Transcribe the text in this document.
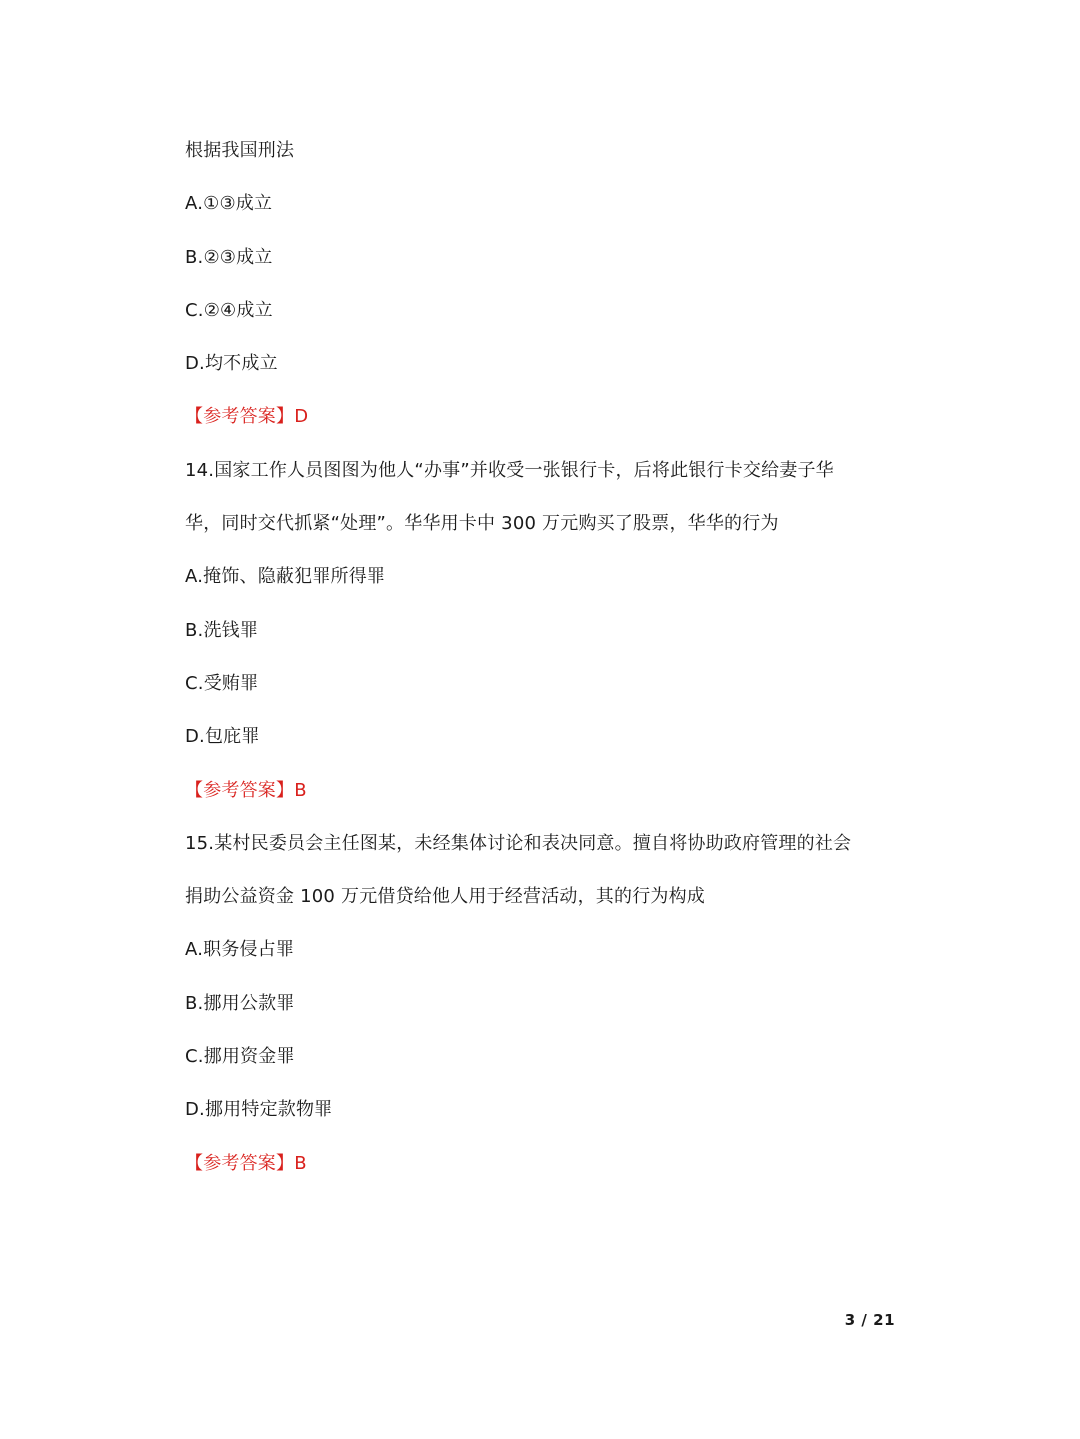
根据我国刑法
A.①③成立
B.②③成立
C.②④成立
D.均不成立
【参考答案】D
14.国家工作人员图图为他人“办事”并收受一张银行卡，后将此银行卡交给妻子华
华，同时交代抓紧“处理”。华华用卡中 300 万元购买了股票，华华的行为
A.掩饰、隐蔽犯罪所得罪
B.洗钱罪
C.受贿罪
D.包庇罪
【参考答案】B
15.某村民委员会主任图某，未经集体讨论和表决同意。擅自将协助政府管理的社会
捐助公益资金 100 万元借贷给他人用于经营活动，其的行为构成
A.职务侵占罪
B.挪用公款罪
C.挪用资金罪
D.挪用特定款物罪
【参考答案】B
3 / 21
